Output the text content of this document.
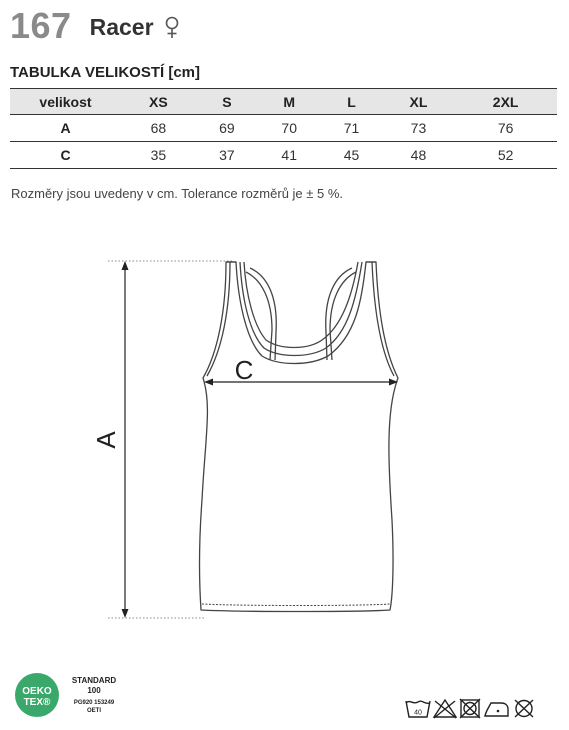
167 Racer
TABULKA VELIKOSTÍ [cm]
velikost	XS	S	M	L	XL	2XL
A	68	69	70	71	73	76
C	35	37	41	45	48	52
Rozměry jsou uvedeny v cm. Tolerance rozměrů je ± 5 %.
A
C
OEKO
TEX®
STANDARD
100
PG920 153249
OETI	40
